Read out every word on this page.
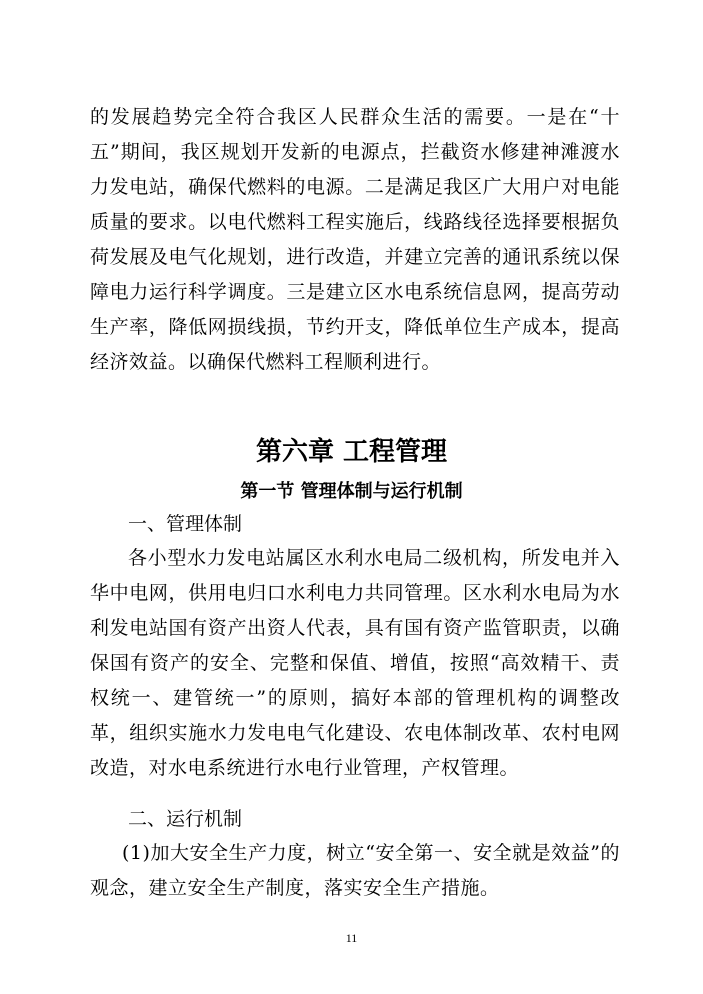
的发展趋势完全符合我区人民群众生活的需要。一是在“十五”期间，我区规划开发新的电源点，拦截资水修建神滩渡水力发电站，确保代燃料的电源。二是满足我区广大用户对电能质量的要求。以电代燃料工程实施后，线路线径选择要根据负荷发展及电气化规划，进行改造，并建立完善的通讯系统以保障电力运行科学调度。三是建立区水电系统信息网，提高劳动生产率，降低网损线损，节约开支，降低单位生产成本，提高经济效益。以确保代燃料工程顺利进行。

第六章 工程管理
第一节 管理体制与运行机制

一、管理体制

各小型水力发电站属区水利水电局二级机构，所发电并入华中电网，供用电归口水利电力共同管理。区水利水电局为水利发电站国有资产出资人代表，具有国有资产监管职责，以确保国有资产的安全、完整和保值、增值，按照“高效精干、责权统一、建管统一”的原则，搞好本部的管理机构的调整改革，组织实施水力发电电气化建设、农电体制改革、农村电网改造，对水电系统进行水电行业管理，产权管理。

二、运行机制

(1)加大安全生产力度，树立“安全第一、安全就是效益”的观念，建立安全生产制度，落实安全生产措施。

11
